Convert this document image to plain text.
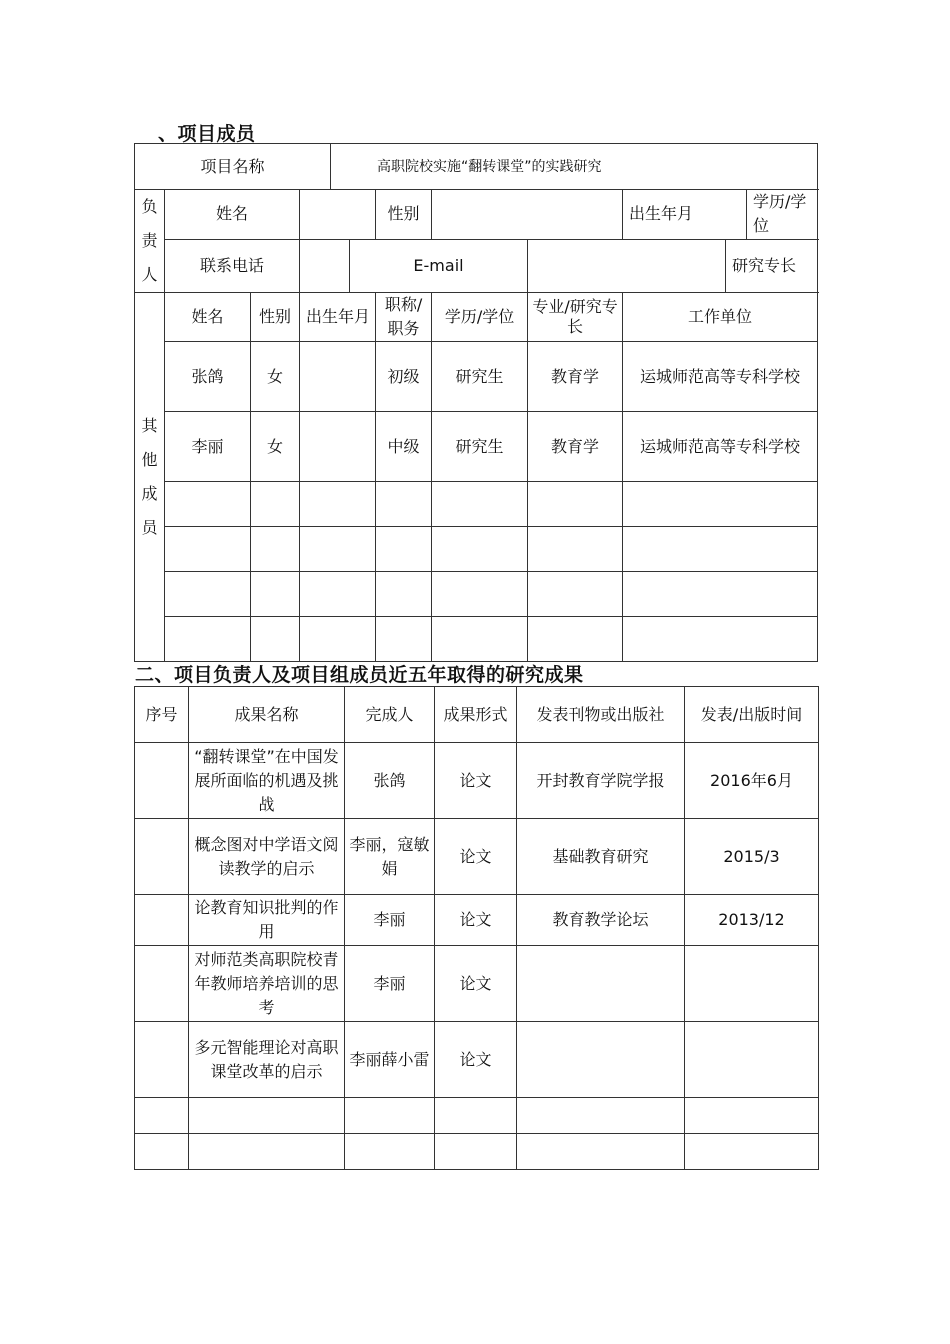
、项目成员
项目名称				高职院校实施“翻转课堂”的实践研究								

负
责
人	姓名					性别			出生年月		学历/学位	
	联系电话				E-mail					研究专长		

其
他
成
员	姓名	性别	出生年月			职称/职务	学历/学位	专业/研究专长	工作单位			
	张鸽	女				初级	研究生	教育学	运城师范高等专科学校			
	李丽	女				中级	研究生	教育学	运城师范高等专科学校			

二、项目负责人及项目组成员近五年取得的研究成果
序号	成果名称	完成人	成果形式	发表刊物或出版社	发表/出版时间
	“翻转课堂”在中国发展所面临的机遇及挑战	张鸽	论文	开封教育学院学报	2016年6月
	概念图对中学语文阅读教学的启示	李丽，寇敏娟	论文	基础教育研究	2015/3
	论教育知识批判的作用	李丽	论文	教育教学论坛	2013/12
	对师范类高职院校青年教师培养培训的思考	李丽	论文		
	多元智能理论对高职课堂改革的启示	李丽薛小雷	论文		
